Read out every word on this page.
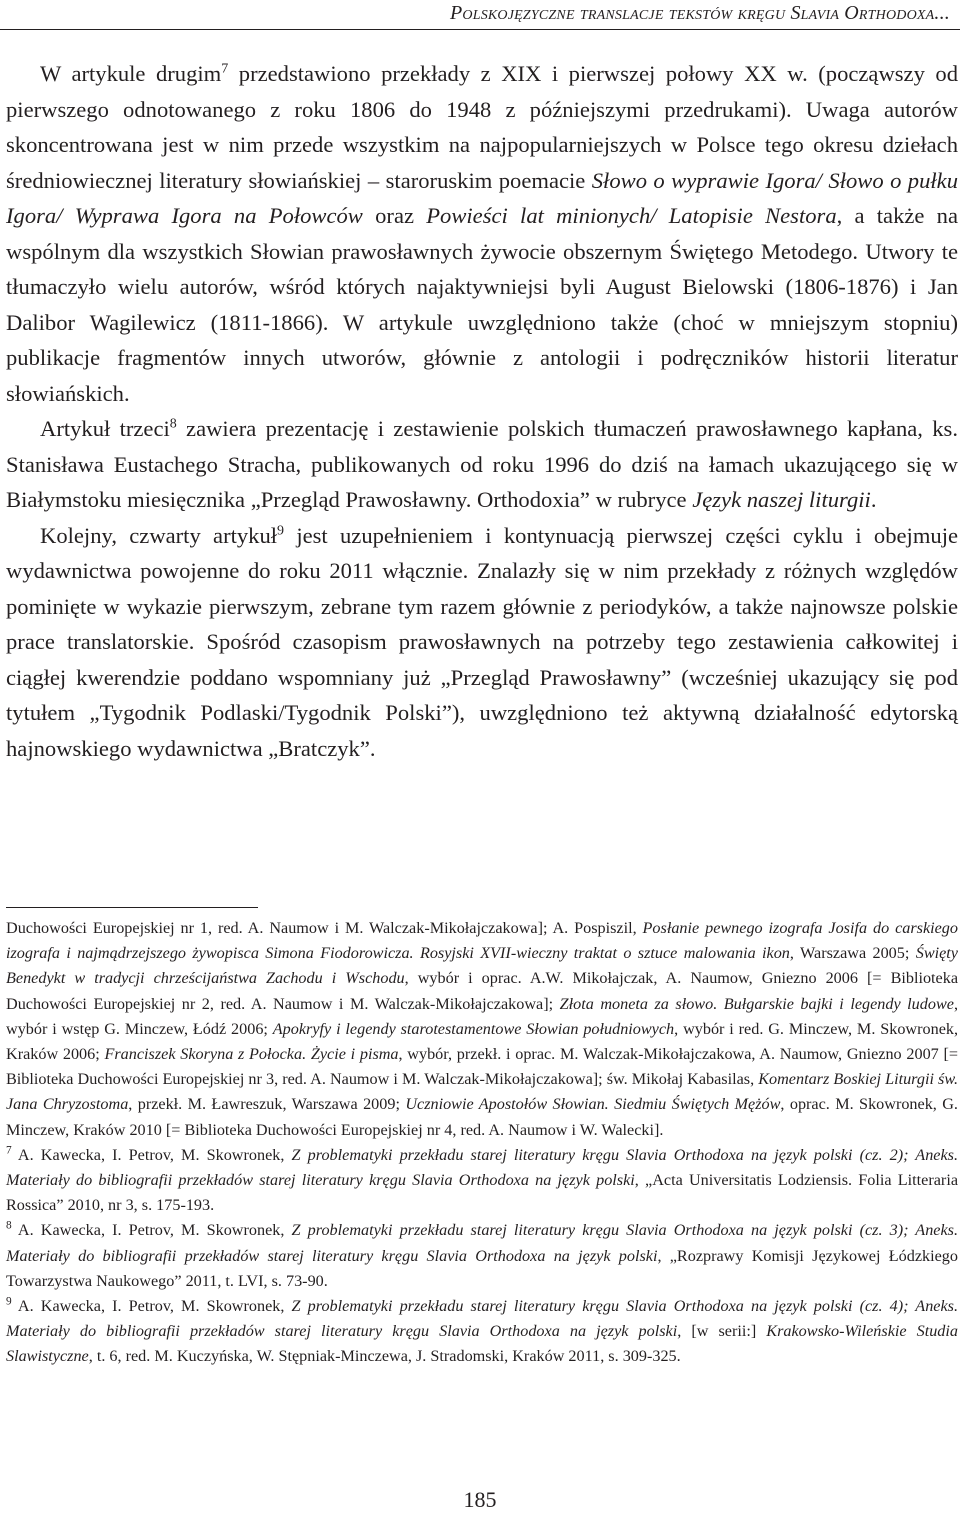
Polskojęzyczne translacje tekstów kręgu Slavia Orthodoxa...

W artykule drugim$^7$ przedstawiono przekłady z XIX i pierwszej połowy XX w. (począwszy od pierwszego odnotowanego z roku 1806 do 1948 z późniejszymi przedrukami). Uwaga autorów skoncentrowana jest w nim przede wszystkim na najpopularniejszych w Polsce tego okresu dziełach średniowiecznej literatury słowiańskiej – staroruskim poemacie Słowo o wyprawie Igora/ Słowo o pułku Igora/ Wyprawa Igora na Połowców oraz Powieści lat minionych/ Latopisie Nestora, a także na wspólnym dla wszystkich Słowian prawosławnych żywocie obszernym Świętego Metodego. Utwory te tłumaczyło wielu autorów, wśród których najaktywniejsi byli August Bielowski (1806-1876) i Jan Dalibor Wagilewicz (1811-1866). W artykule uwzględniono także (choć w mniejszym stopniu) publikacje fragmentów innych utworów, głównie z antologii i podręczników historii literatur słowiańskich.

Artykuł trzeci$^8$ zawiera prezentację i zestawienie polskich tłumaczeń prawosławnego kapłana, ks. Stanisława Eustachego Stracha, publikowanych od roku 1996 do dziś na łamach ukazującego się w Białymstoku miesięcznika „Przegląd Prawosławny. Orthodoxia” w rubryce Język naszej liturgii.

Kolejny, czwarty artykuł$^9$ jest uzupełnieniem i kontynuacją pierwszej części cyklu i obejmuje wydawnictwa powojenne do roku 2011 włącznie. Znalazły się w nim przekłady z różnych względów pominięte w wykazie pierwszym, zebrane tym razem głównie z periodyków, a także najnowsze polskie prace translatorskie. Spośród czasopism prawosławnych na potrzeby tego zestawienia całkowitej i ciągłej kwerendzie poddano wspomniany już „Przegląd Prawosławny” (wcześniej ukazujący się pod tytułem „Tygodnik Podlaski/Tygodnik Polski”), uwzględniono też aktywną działalność edytorską hajnowskiego wydawnictwa „Bratczyk”.

Duchowości Europejskiej nr 1, red. A. Naumow i M. Walczak-Mikołajczakowa]; A. Pospiszil, Posłanie pewnego izografa Josifa do carskiego izografa i najmądrzejszego żywopisca Simona Fiodorowicza. Rosyjski XVII-wieczny traktat o sztuce malowania ikon, Warszawa 2005; Święty Benedykt w tradycji chrześcijaństwa Zachodu i Wschodu, wybór i oprac. A.W. Mikołajczak, A. Naumow, Gniezno 2006 [= Biblioteka Duchowości Europejskiej nr 2, red. A. Naumow i M. Walczak-Mikołajczakowa]; Złota moneta za słowo. Bułgarskie bajki i legendy ludowe, wybór i wstęp G. Minczew, Łódź 2006; Apokryfy i legendy starotestamentowe Słowian południowych, wybór i red. G. Minczew, M. Skowronek, Kraków 2006; Franciszek Skoryna z Połocka. Życie i pisma, wybór, przekł. i oprac. M. Walczak-Mikołajczakowa, A. Naumow, Gniezno 2007 [= Biblioteka Duchowości Europejskiej nr 3, red. A. Naumow i M. Walczak-Mikołajczakowa]; św. Mikołaj Kabasilas, Komentarz Boskiej Liturgii św. Jana Chryzostoma, przekł. M. Ławreszuk, Warszawa 2009; Uczniowie Apostołów Słowian. Siedmiu Świętych Mężów, oprac. M. Skowronek, G. Minczew, Kraków 2010 [= Biblioteka Duchowości Europejskiej nr 4, red. A. Naumow i W. Walecki].

$^7$ A. Kawecka, I. Petrov, M. Skowronek, Z problematyki przekładu starej literatury kręgu Slavia Orthodoxa na język polski (cz. 2); Aneks. Materiały do bibliografii przekładów starej literatury kręgu Slavia Orthodoxa na język polski, „Acta Universitatis Lodziensis. Folia Litteraria Rossica” 2010, nr 3, s. 175-193.

$^8$ A. Kawecka, I. Petrov, M. Skowronek, Z problematyki przekładu starej literatury kręgu Slavia Orthodoxa na język polski (cz. 3); Aneks. Materiały do bibliografii przekładów starej literatury kręgu Slavia Orthodoxa na język polski, „Rozprawy Komisji Językowej Łódzkiego Towarzystwa Naukowego” 2011, t. LVI, s. 73-90.

$^9$ A. Kawecka, I. Petrov, M. Skowronek, Z problematyki przekładu starej literatury kręgu Slavia Orthodoxa na język polski (cz. 4); Aneks. Materiały do bibliografii przekładów starej literatury kręgu Slavia Orthodoxa na język polski, [w serii:] Krakowsko-Wileńskie Studia Slawistyczne, t. 6, red. M. Kuczyńska, W. Stępniak-Minczewa, J. Stradomski, Kraków 2011, s. 309-325.

185
